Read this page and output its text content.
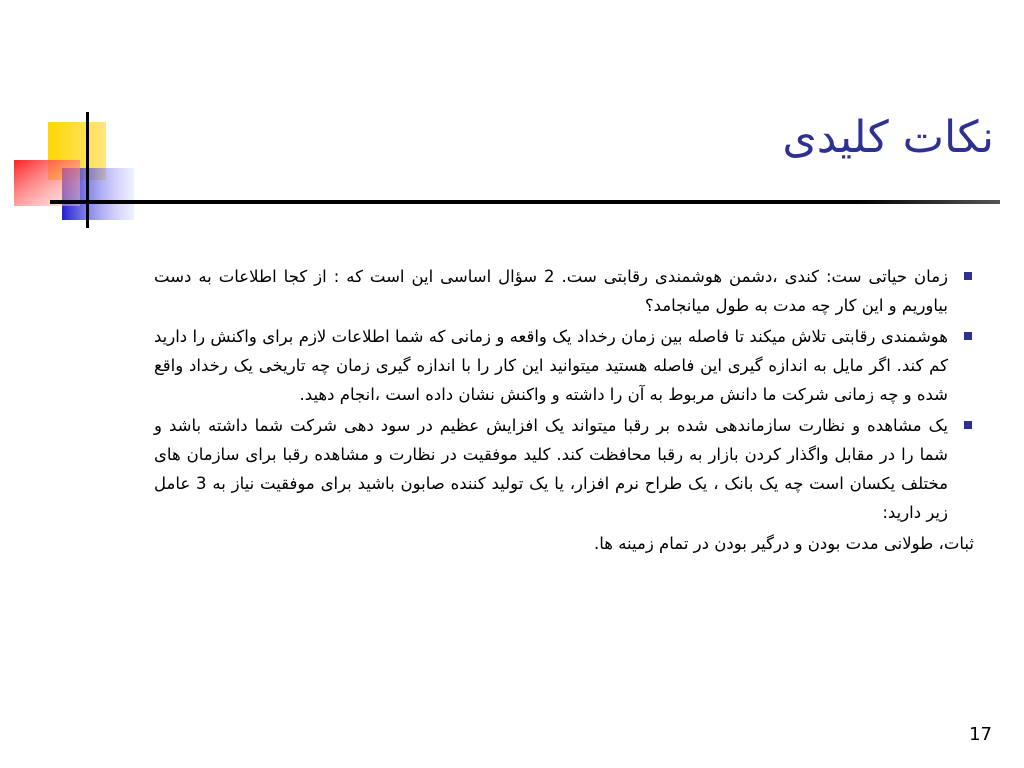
نکات کلیدی

زمان حیاتی ست: کندی ،دشمن هوشمندی رقابتی ست. 2 سؤال اساسی این است که : از کجا اطلاعات به دست بیاوریم و این کار چه مدت به طول میانجامد؟

هوشمندی رقابتی تلاش میکند تا فاصله بین زمان رخداد یک واقعه و زمانی که شما اطلاعات لازم برای واکنش را دارید کم کند. اگر مایل به اندازه گیری این فاصله هستید میتوانید این کار را با اندازه گیری زمان چه تاریخی یک رخداد واقع شده و چه زمانی شرکت ما دانش مربوط به آن را داشته و واکنش نشان داده است ،انجام دهید.

یک مشاهده و نظارت سازماندهی شده بر رقبا میتواند یک افزایش عظیم در سود دهی شرکت شما داشته باشد و شما را در مقابل واگذار کردن بازار به رقبا محافظت کند. کلید موفقیت در نظارت و مشاهده رقبا برای سازمان های مختلف یکسان است چه یک بانک ، یک طراح نرم افزار، یا یک تولید کننده صابون باشید برای موفقیت نیاز به 3 عامل زیر دارید:

ثبات، طولانی مدت بودن و درگیر بودن در تمام زمینه ها.

17
